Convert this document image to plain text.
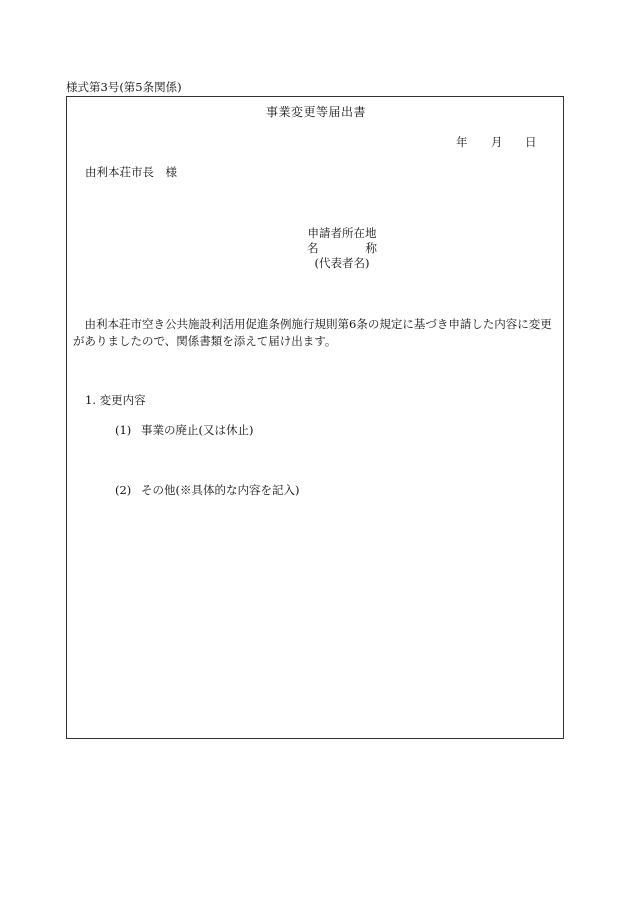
様式第3号(第5条関係)
事業変更等届出書
年 月 日
由利本荘市長　様
申請者所在地
名	称
(代表者名)
　由利本荘市空き公共施設利活用促進条例施行規則第6条の規定に基づき申請した内容に変更
がありましたので、関係書類を添えて届け出ます。
1. 変更内容
(1) 事業の廃止(又は休止)
(2) その他(※具体的な内容を記入)
